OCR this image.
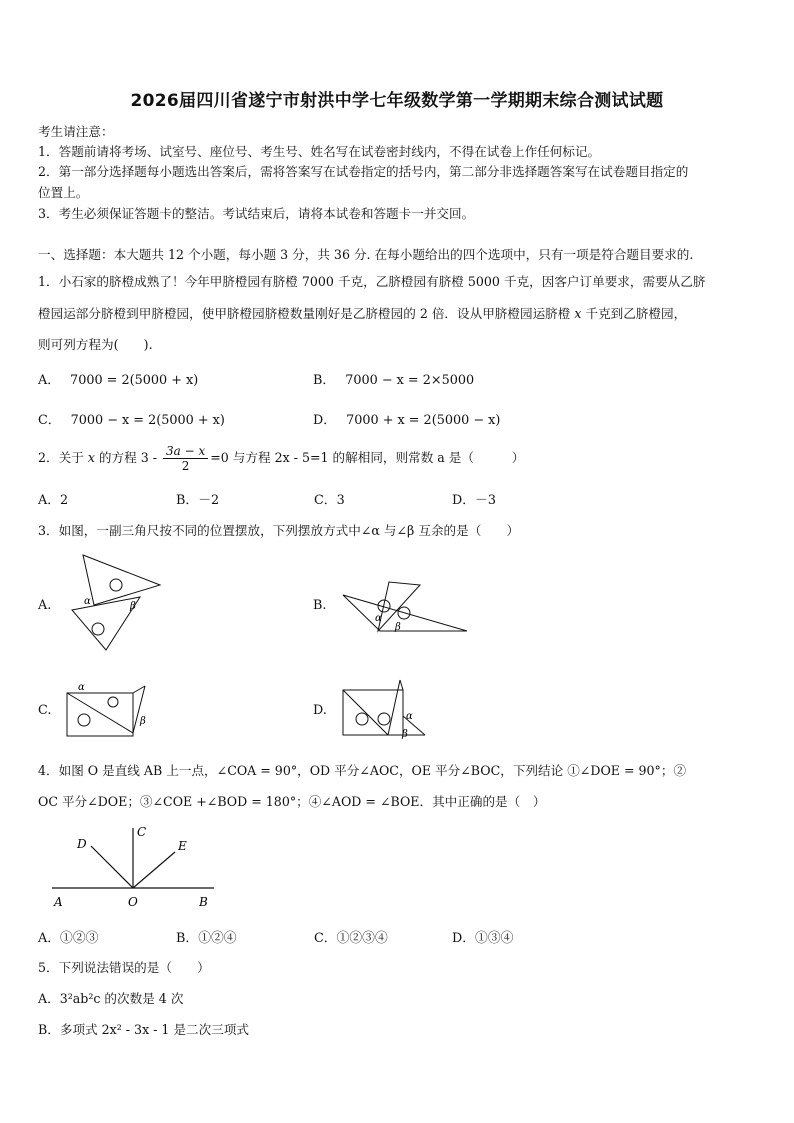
2026届四川省遂宁市射洪中学七年级数学第一学期期末综合测试试题
考生请注意：
1．答题前请将考场、试室号、座位号、考生号、姓名写在试卷密封线内，不得在试卷上作任何标记。
2．第一部分选择题每小题选出答案后，需将答案写在试卷指定的括号内，第二部分非选择题答案写在试卷题目指定的
位置上。
3．考生必须保证答题卡的整洁。考试结束后，请将本试卷和答题卡一并交回。
一、选择题：本大题共 12 个小题，每小题 3 分，共 36 分. 在每小题给出的四个选项中，只有一项是符合题目要求的.
1．小石家的脐橙成熟了！今年甲脐橙园有脐橙 7000 千克，乙脐橙园有脐橙 5000 千克，因客户订单要求，需要从乙脐
橙园运部分脐橙到甲脐橙园，使甲脐橙园脐橙数量刚好是乙脐橙园的 2 倍．设从甲脐橙园运脐橙 x 千克到乙脐橙园，
则可列方程为(　　).
A． 7000 = 2(5000 + x)	B． 7000 − x = 2×5000
C． 7000 − x = 2(5000 + x)	D． 7000 + x = 2(5000 − x)
2．关于 x 的方程 $3 - \frac{3a - x}{2} =0$ 与方程 2x - 5=1 的解相同，则常数 a 是（　　　）
A．2	B．－2	C．3	D．－3
3．如图，一副三角尺按不同的位置摆放，下列摆放方式中∠α 与∠β 互余的是（　　）
A.	α	β	B.
α
β
C.
α
β
D.	α
β
4．如图 O 是直线 AB 上一点，∠COA = 90°，OD 平分∠AOC，OE 平分∠BOC，下列结论 ①∠DOE = 90°；②
OC 平分∠DOE；③∠COE +∠BOD = 180°；④∠AOD = ∠BOE．其中正确的是（　）
A	B
O
C
D	E
A．①②③	B．①②④	C．①②③④	D．①③④
5．下列说法错误的是（　　）
A．3²ab²c 的次数是 4 次
B．多项式 2x² - 3x - 1 是二次三项式
